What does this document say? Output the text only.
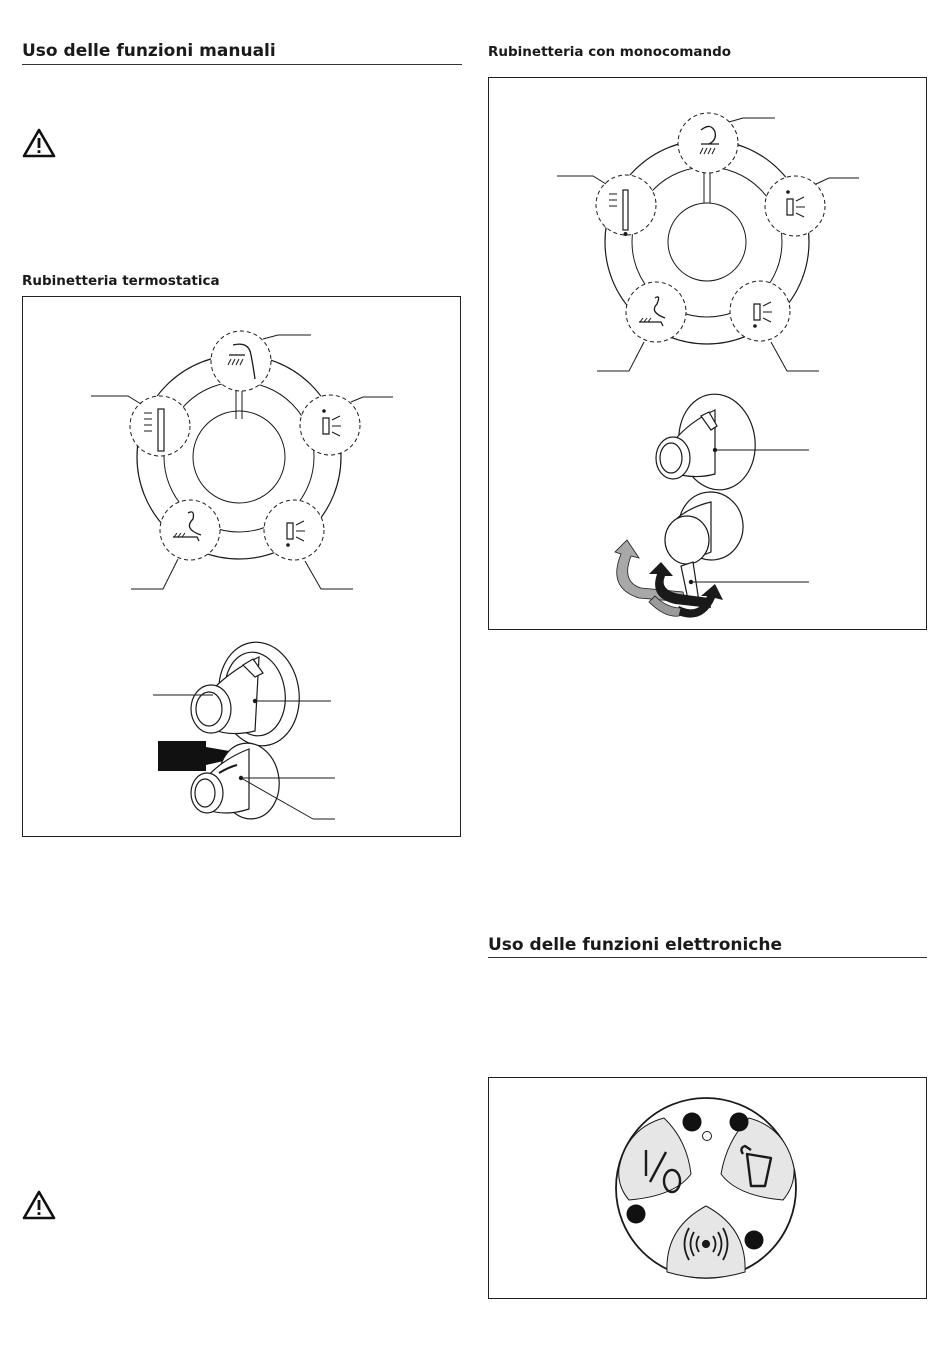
Uso delle funzioni manuali
Rubinetteria termostatica
Rubinetteria con monocomando
Uso delle funzioni elettroniche
